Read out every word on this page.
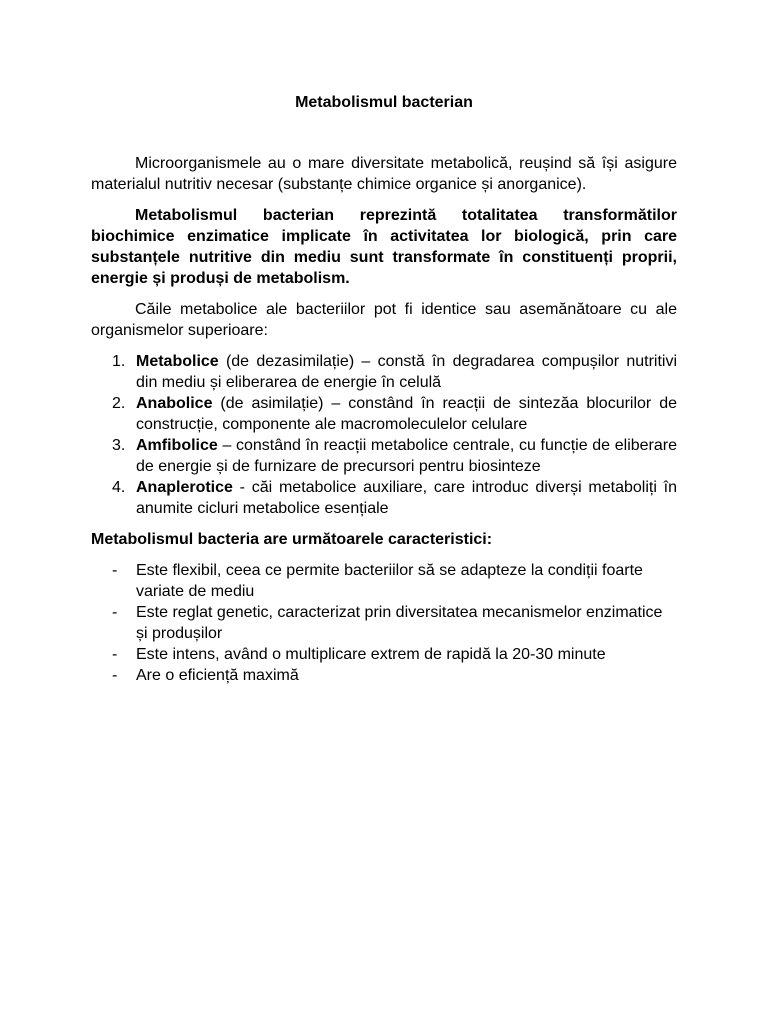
Metabolismul bacterian

Microorganismele au o mare diversitate metabolică, reușind să își asigure materialul nutritiv necesar (substanțe chimice organice și anorganice).

Metabolismul bacterian reprezintă totalitatea transformătilor biochimice enzimatice implicate în activitatea lor biologică, prin care substanțele nutritive din mediu sunt transformate în constituenți proprii, energie și produși de metabolism.

Căile metabolice ale bacteriilor pot fi identice sau asemănătoare cu ale organismelor superioare:

1. Metabolice (de dezasimilație) – constă în degradarea compușilor nutritivi din mediu și eliberarea de energie în celulă
2. Anabolice (de asimilație) – constând în reacții de sintezăa blocurilor de construcție, componente ale macromoleculelor celulare
3. Amfibolice – constând în reacții metabolice centrale, cu funcție de eliberare de energie și de furnizare de precursori pentru biosinteze
4. Anaplerotice - căi metabolice auxiliare, care introduc diverși metaboliți în anumite cicluri metabolice esențiale

Metabolismul bacteria are următoarele caracteristici:

- Este flexibil, ceea ce permite bacteriilor să se adapteze la condiții foarte variate de mediu
- Este reglat genetic, caracterizat prin diversitatea mecanismelor enzimatice și produșilor
- Este intens, având o multiplicare extrem de rapidă la 20-30 minute
- Are o eficiență maximă
